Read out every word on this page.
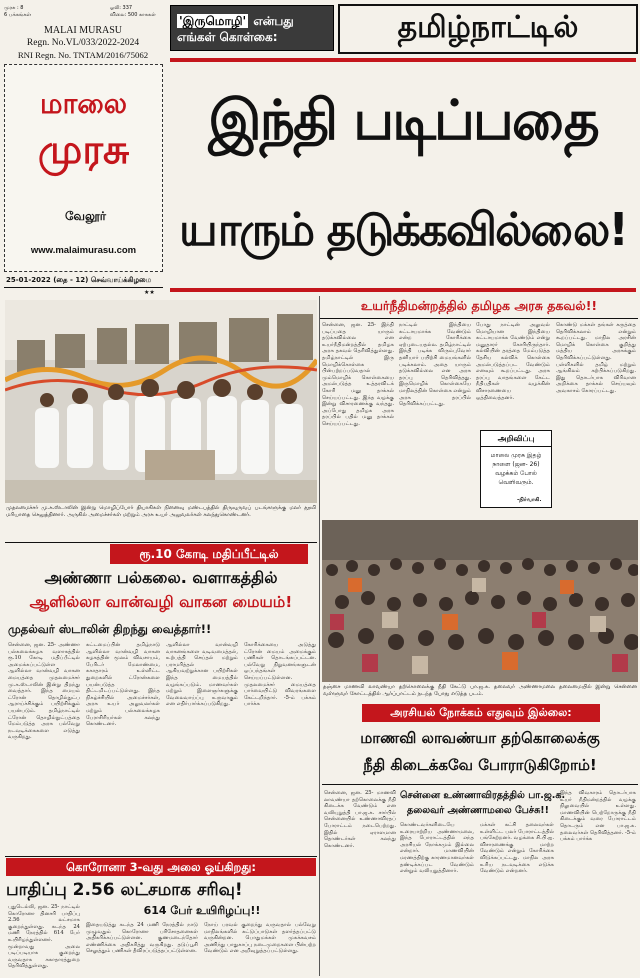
முரசு : 8
6 பக்கங்கள்
ஓலி: 337
விலை: 500 காசுகள்
MALAI MURASU
Regn. No.VL/033/2022-2024
RNI Regn. No. TNTAM/2016/75062
மாலை
முரசு
வேலூர்
www.malaimurasu.com
25-01-2022 (தை - 12) செவ்வாய்க்கிழமை
★★
'இருமொழி' என்பது
எங்கள் கொள்கை:	தமிழ்நாட்டில்
இந்தி படிப்பதை
யாரும் தடுக்கவில்லை!
உயர்நீதிமன்றத்தில் தமிழக அரசு தகவல்!!
சென்னை, ஜன. 25- இந்தி படிப்பதை யாரும் தடுக்கவில்லை என உயர்நீதிமன்றத்தில் தமிழக அரசு தகவல் தெரிவித்துள்ளது. தமிழ்நாட்டில் இரு மொழிக்கொள்கை பின்பற்றப்படுவதால் மும்மொழிக் கொள்கையை அமல்படுத்த உத்தரவிடக் கோரி மனு தாக்கல் செய்யப்பட்டது. இந்த வழக்கு இன்று விசாரணைக்கு வந்தது. அப்போது தமிழக அரசு தரப்பில் பதில் மனு தாக்கல் செய்யப்பட்டது.
நாட்டில் இந்தியை கட்டாயமாக்க வேண்டும் என்ற கோரிக்கை ஏற்புடையதல்ல. தமிழ்நாட்டில் இந்தி படிக்க விரும்புவோர் தனியார் பயிற்சி மையங்களில் படிக்கலாம். அதை யாரும் தடுக்கவில்லை என அரசு தரப்பு தெரிவித்தது. இருமொழிக் கொள்கையே மாநிலத்தின் கொள்கை என்றும் அரசு தரப்பில் தெரிவிக்கப்பட்டது.
போது நாட்டின் அலுவல் மொழியான இந்தியை கட்டாயமாக்க வேண்டும் என்று மனுதாரர் கோரியிருந்தார். கல்வியின் தரத்தை மேம்படுத்த தேசிய கல்விக் கொள்கை அமல்படுத்தப்பட வேண்டும் எனவும் கூறப்பட்டது. அரசு தரப்பு வாதங்களை கேட்ட நீதிபதிகள் வழக்கின் விசாரணையை ஒத்திவைத்தனர்.
கொண்டு மக்கள் தங்கள் கருத்தை தெரிவிக்கலாம் என்றும் கூறப்பட்டது. மாநில அரசின் மொழிக் கொள்கை குறித்து மத்திய அரசுக்கும் தெரிவிக்கப்பட்டுள்ளது. பள்ளிகளில் தமிழ் மற்றும் ஆங்கிலம் கற்பிக்கப்படுகிறது. இது தொடர்பாக விரிவான அறிக்கை தாக்கல் செய்யவும் அவகாசம் கோரப்பட்டது.
அறிவிப்பு
மாலை முரசு இதழ் நாளை (ஜன- 26) வழக்கம் போல் வெளிவரும்.
-நிர்வாகி.
முதலமைச்சர் மு.க.ஸ்டாலின் இன்று மொழிப்போர் தியாகிகள் நினைவு மண்டபத்தில் திருவுருவப் படங்களுக்கு மலர் தூவி மரியாதை செலுத்தினார். அருகில் அமைச்சர்கள் மற்றும் அரசு உயர் அலுவலர்கள் கலந்துகொண்டனர்.
ரூ.10 கோடி மதிப்பீட்டில்
அண்ணா பல்கலை. வளாகத்தில்
ஆளில்லா வான்வழி வாகன மையம்!
முதல்வர் ஸ்டாலின் திறந்து வைத்தார்!!
சென்னை, ஜன. 25- அண்ணா பல்கலைக்கழக வளாகத்தில் ரூ.10 கோடி மதிப்பீட்டில் அமைக்கப்பட்டுள்ள ஆளில்லா வான்வழி வாகன மையத்தை முதலமைச்சர் மு.க.ஸ்டாலின் இன்று திறந்து வைத்தார். இந்த மையம் ட்ரோன் தொழில்நுட்ப ஆராய்ச்சிக்கும் பயிற்சிக்கும் பயன்படும். தமிழ்நாட்டில் ட்ரோன் தொழில்நுட்பத்தை மேம்படுத்த அரசு பல்வேறு நடவடிக்கைகளை எடுத்து வருகிறது.
கட்டமைப்பின் தமிழ்நாடு ஆளில்லா வான்வழி வாகன கழகத்தின் மூலம் விவசாயம், பேரிடர் மேலாண்மை, சுகாதாரம் உள்ளிட்ட துறைகளில் ட்ரோன்களை பயன்படுத்த திட்டமிடப்பட்டுள்ளது. இந்த நிகழ்ச்சியில் அமைச்சர்கள், அரசு உயர் அலுவலர்கள் மற்றும் பல்கலைக்கழக பேராசிரியர்கள் கலந்து கொண்டனர்.
ஆளில்லா வான்வழி வாகனங்களை வடிவமைத்தல், உற்பத்தி செய்தல் மற்றும் பராமரித்தல் ஆகியவற்றுக்கான பயிற்சிகள் இந்த மையத்தில் வழங்கப்படும். மாணவர்கள் மற்றும் இளைஞர்களுக்கு வேலைவாய்ப்பு உருவாகும் என எதிர்பார்க்கப்படுகிறது.
கோரிக்கையை அடுத்து ட்ரோன் மையம் அமைக்கும் பணிகள் தொடங்கப்பட்டன. பல்வேறு நிறுவனங்களுடன் ஒப்பந்தங்கள் செய்யப்பட்டுள்ளன. முதலமைச்சர் மையத்தை பார்வையிட்டு விவரங்களை கேட்டறிந்தார். -5-ம் பக்கம் பார்க்க
கொரோனா 3-வது அலை ஓய்கிறது:
பாதிப்பு 2.56 லட்சமாக சரிவு!
புதுடெல்லி, ஜன. 25- நாட்டில் கொரோனா தினசரி பாதிப்பு 2.56 லட்சமாக குறைந்துள்ளது. கடந்த 24 மணி நேரத்தில் 614 பேர் உயிரிழந்துள்ளனர். மூன்றாவது அலை படிப்படியாக குறைந்து வருவதாக சுகாதாரத்துறை தெரிவித்துள்ளது.
614 பேர் உயிரிழப்பு!!
இதையடுத்து கடந்த 24 மணி நேரத்தில் நாடு முழுவதும் கொரோனா பரிசோதனைகள் அதிகரிக்கப்பட்டுள்ளன. குணமடைந்தோர் எண்ணிக்கை அதிகரித்து வருகிறது. தடுப்பூசி செலுத்தும் பணிகள் தீவிரப்படுத்தப்பட்டுள்ளன.
நோய் பரவல் குறைந்து வருவதால் பல்வேறு மாநிலங்களில் கட்டுப்பாடுகள் தளர்த்தப்பட்டு வருகின்றன. பொதுமக்கள் முகக்கவசம் அணிந்து பாதுகாப்பு நடைமுறைகளை பின்பற்ற வேண்டும் என அறிவுறுத்தப்பட்டுள்ளது.
தஞ்சை மாணவி லாவண்யா தற்கொலைக்கு நீதி கேட்டு பா.ஜ.க. தலைவர் அண்ணாமலை தலைமையில் இன்று சென்னை வள்ளுவர் கோட்டத்தில் ஆர்ப்பாட்டம் நடந்த போது எடுத்த படம்.
அரசியல் நோக்கம் எதுவும் இல்லை:
மாணவி லாவண்யா தற்கொலைக்கு
நீதி கிடைக்கவே போராடுகிறோம்!
சென்னை, ஜன. 25- மாணவி லாவண்யா தற்கொலைக்கு நீதி கிடைக்க வேண்டும் என வலியுறுத்தி பா.ஜ.க. சார்பில் சென்னையில் உண்ணாவிரதப் போராட்டம் நடைபெற்றது. இதில் ஏராளமான தொண்டர்கள் கலந்து கொண்டனர்.
சென்னை உண்ணாவிரதத்தில் பா.ஜ.க.
தலைவர் அண்ணாமலை பேச்சு!!
கொண்டவர்களிடையே உரையாற்றிய அண்ணாமலை, இந்த போராட்டத்தில் எந்த அரசியல் நோக்கமும் இல்லை என்றார். மாணவியின் மரணத்திற்கு காரணமானவர்கள் தண்டிக்கப்பட வேண்டும் என்றும் வலியுறுத்தினார்.
மக்கள் கட்சி தலைவர்கள் உள்ளிட்ட பலர் போராட்டத்தில் பங்கேற்றனர். வழக்கை சி.பி.ஐ. விசாரணைக்கு மாற்ற வேண்டும் என்றும் கோரிக்கை விடுக்கப்பட்டது. மாநில அரசு உரிய நடவடிக்கை எடுக்க வேண்டும் என்றனர்.
இந்த விவகாரம் தொடர்பாக உயர் நீதிமன்றத்தில் வழக்கு நிலுவையில் உள்ளது. மாணவியின் பெற்றோருக்கு நீதி கிடைக்கும் வரை போராட்டம் தொடரும் என பா.ஜ.க. தலைவர்கள் தெரிவித்தனர். -5-ம் பக்கம் பார்க்க
